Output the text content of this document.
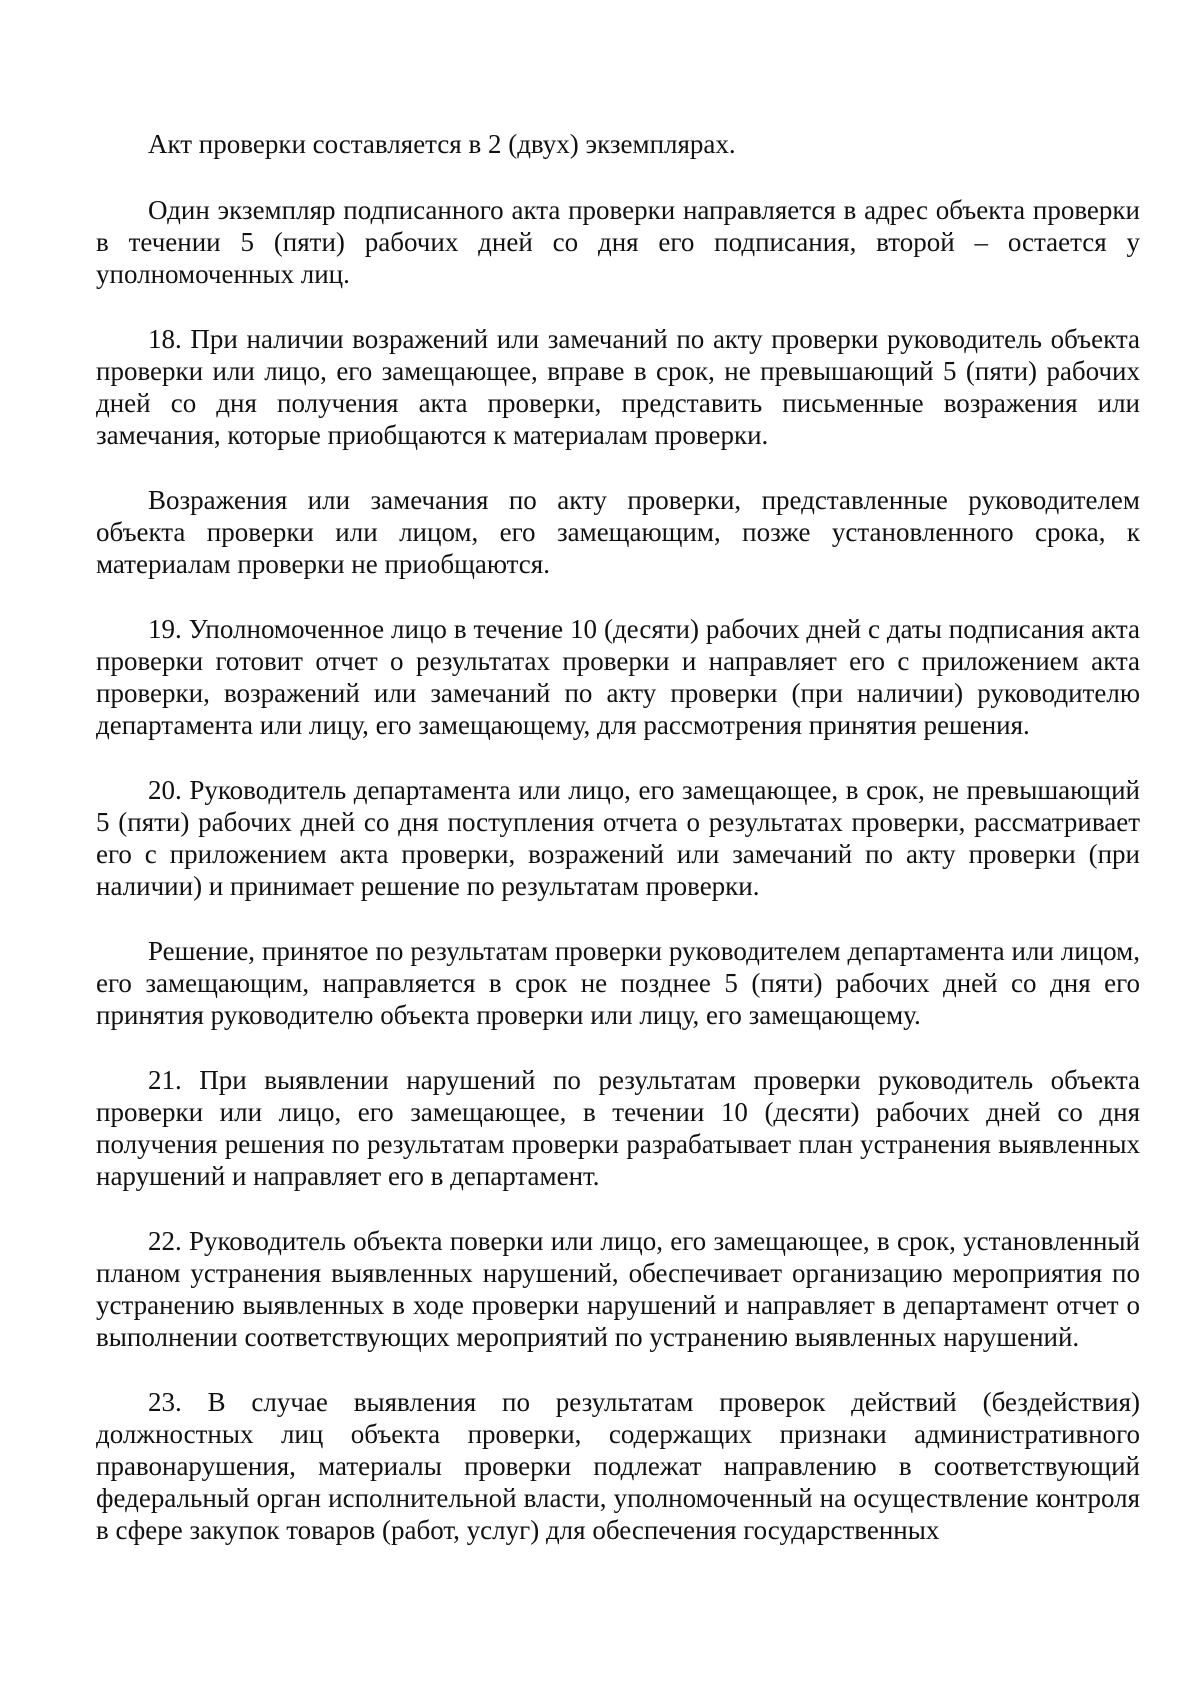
Акт проверки составляется в 2 (двух) экземплярах.

Один экземпляр подписанного акта проверки направляется в адрес объекта проверки в течении 5 (пяти) рабочих дней со дня его подписания, второй – остается у уполномоченных лиц.

18. При наличии возражений или замечаний по акту проверки руководитель объекта проверки или лицо, его замещающее, вправе в срок, не превышающий 5 (пяти) рабочих дней со дня получения акта проверки, представить письменные возражения или замечания, которые приобщаются к материалам проверки.

Возражения или замечания по акту проверки, представленные руководителем объекта проверки или лицом, его замещающим, позже установленного срока, к материалам проверки не приобщаются.

19. Уполномоченное лицо в течение 10 (десяти) рабочих дней с даты подписания акта проверки готовит отчет о результатах проверки и направляет его с приложением акта проверки, возражений или замечаний по акту проверки (при наличии) руководителю департамента или лицу, его замещающему, для рассмотрения принятия решения.

20. Руководитель департамента или лицо, его замещающее, в срок, не превышающий 5 (пяти) рабочих дней со дня поступления отчета о результатах проверки, рассматривает его с приложением акта проверки, возражений или замечаний по акту проверки (при наличии) и принимает решение по результатам проверки.

Решение, принятое по результатам проверки руководителем департамента или лицом, его замещающим, направляется в срок не позднее 5 (пяти) рабочих дней со дня его принятия руководителю объекта проверки или лицу, его замещающему.

21. При выявлении нарушений по результатам проверки руководитель объекта проверки или лицо, его замещающее, в течении 10 (десяти) рабочих дней со дня получения решения по результатам проверки разрабатывает план устранения выявленных нарушений и направляет его в департамент.

22. Руководитель объекта поверки или лицо, его замещающее, в срок, установленный планом устранения выявленных нарушений, обеспечивает организацию мероприятия по устранению выявленных в ходе проверки нарушений и направляет в департамент отчет о выполнении соответствующих мероприятий по устранению выявленных нарушений.

23. В случае выявления по результатам проверок действий (бездействия) должностных лиц объекта проверки, содержащих признаки административного правонарушения, материалы проверки подлежат направлению в соответствующий федеральный орган исполнительной власти, уполномоченный на осуществление контроля в сфере закупок товаров (работ, услуг) для обеспечения государственных
